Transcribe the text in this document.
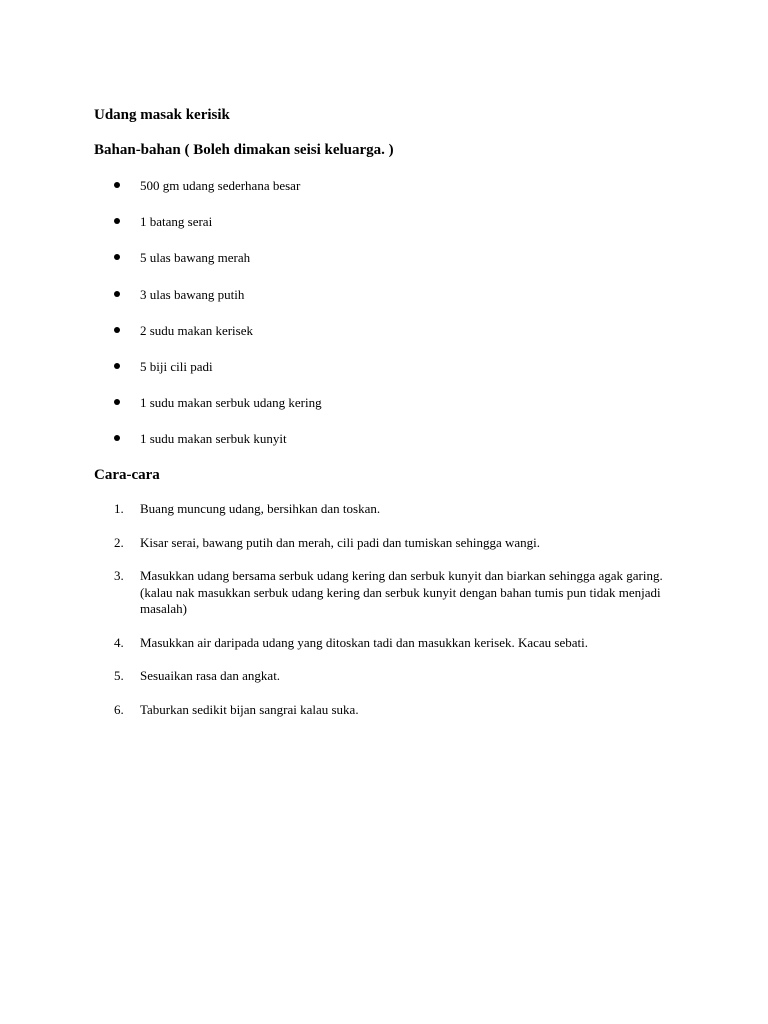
Udang masak kerisik
Bahan-bahan ( Boleh dimakan seisi keluarga. )
500 gm udang sederhana besar
1 batang serai
5 ulas bawang merah
3 ulas bawang putih
2 sudu makan kerisek
5 biji cili padi
1 sudu makan serbuk udang kering
1 sudu makan serbuk kunyit
Cara-cara
1. Buang muncung udang, bersihkan dan toskan.
2. Kisar serai, bawang putih dan merah, cili padi dan tumiskan sehingga wangi.
3. Masukkan udang bersama serbuk udang kering dan serbuk kunyit dan biarkan sehingga agak garing. (kalau nak masukkan serbuk udang kering dan serbuk kunyit dengan bahan tumis pun tidak menjadi masalah)
4. Masukkan air daripada udang yang ditoskan tadi dan masukkan kerisek. Kacau sebati.
5. Sesuaikan rasa dan angkat.
6. Taburkan sedikit bijan sangrai kalau suka.
